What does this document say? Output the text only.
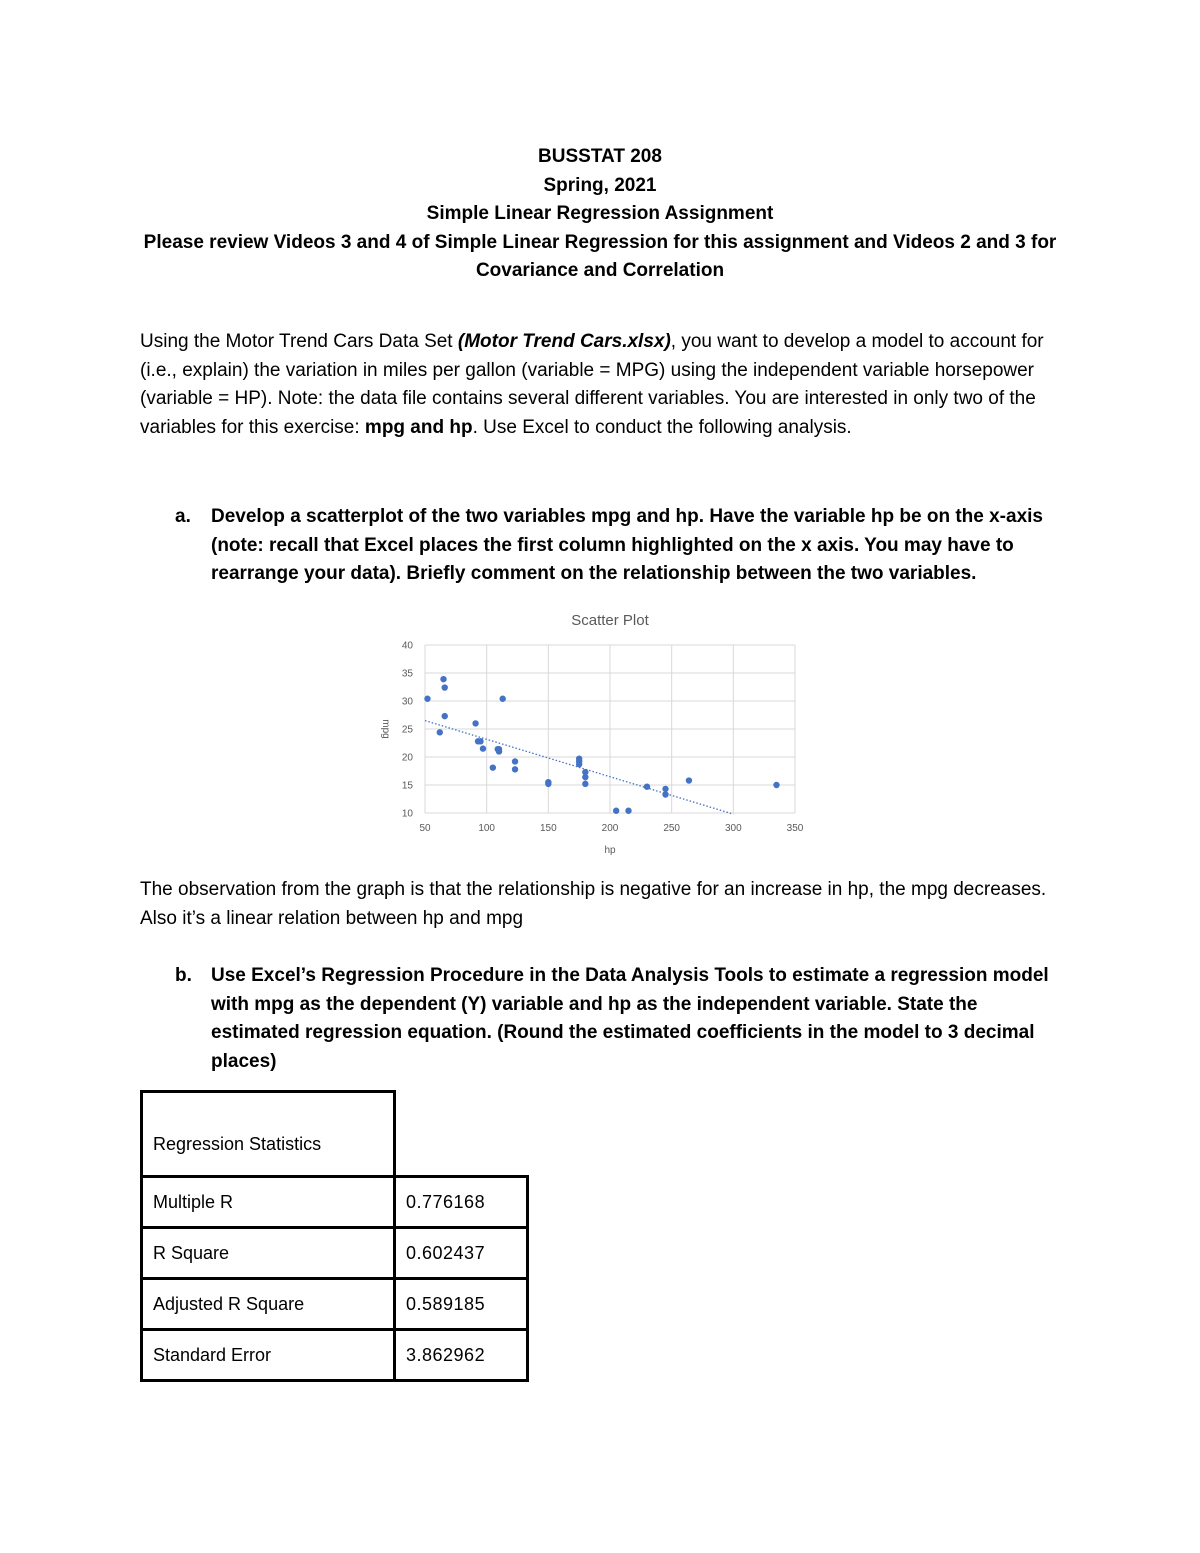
BUSSTAT 208
Spring, 2021
Simple Linear Regression Assignment
Please review Videos 3 and 4 of Simple Linear Regression for this assignment and Videos 2 and 3 for Covariance and Correlation
Using the Motor Trend Cars Data Set (Motor Trend Cars.xlsx), you want to develop a model to account for (i.e., explain) the variation in miles per gallon (variable = MPG) using the independent variable horsepower (variable = HP). Note: the data file contains several different variables. You are interested in only two of the variables for this exercise: mpg and hp. Use Excel to conduct the following analysis.
a.	Develop a scatterplot of the two variables mpg and hp. Have the variable hp be on the x-axis (note: recall that Excel places the first column highlighted on the x axis. You may have to rearrange your data). Briefly comment on the relationship between the two variables.
50	100	150	200	250	300	350
10
15
20
25
30
35
40
Scatter Plot
hp
mpg
The observation from the graph is that the relationship is negative for an increase in hp, the mpg decreases. Also it’s a linear relation between hp and mpg
b.	Use Excel’s Regression Procedure in the Data Analysis Tools to estimate a regression model with mpg as the dependent (Y) variable and hp as the independent variable. State the estimated regression equation. (Round the estimated coefficients in the model to 3 decimal places)
Regression Statistics	
Multiple R	0.776168
R Square	0.602437
Adjusted R Square	0.589185
Standard Error	3.862962
